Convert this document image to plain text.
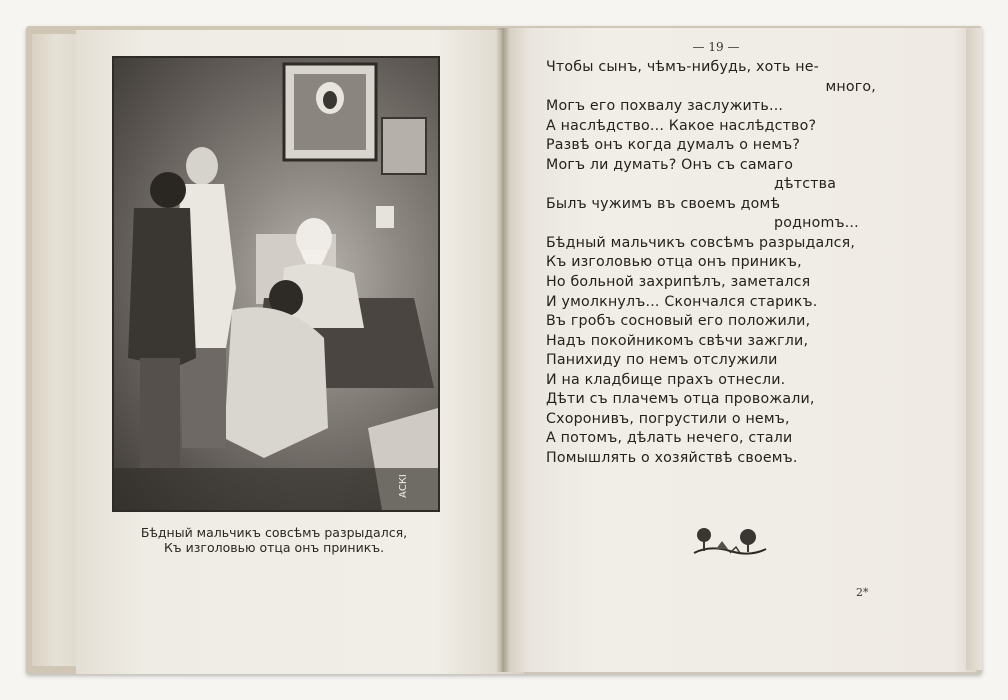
АСКІ
Бѣдный мальчикъ совсѣмъ разрыдался,
Къ изголовью отца онъ приникъ.
— 19 —
Чтобы сынъ, чѣмъ-нибудь, хоть не-
много,
Могъ его похвалу заслужить...
А наслѣдство... Какое наслѣдство?
Развѣ онъ когда думалъ о немъ?
Могъ ли думать? Онъ съ самаго
дѣтства
Былъ чужимъ въ своемъ домѣ
роднomъ...
Бѣдный мальчикъ совсѣмъ разрыдался,
Къ изголовью отца онъ приникъ,
Но больной захрипѣлъ, заметался
И умолкнулъ... Скончался старикъ.
Въ гробъ сосновый его положили,
Надъ покойникомъ свѣчи зажгли,
Панихиду по немъ отслужили
И на кладбище прахъ отнесли.
Дѣти съ плачемъ отца провожали,
Схоронивъ, погрустили о немъ,
А потомъ, дѣлать нечего, стали
Помышлять о хозяйствѣ своемъ.
2*
